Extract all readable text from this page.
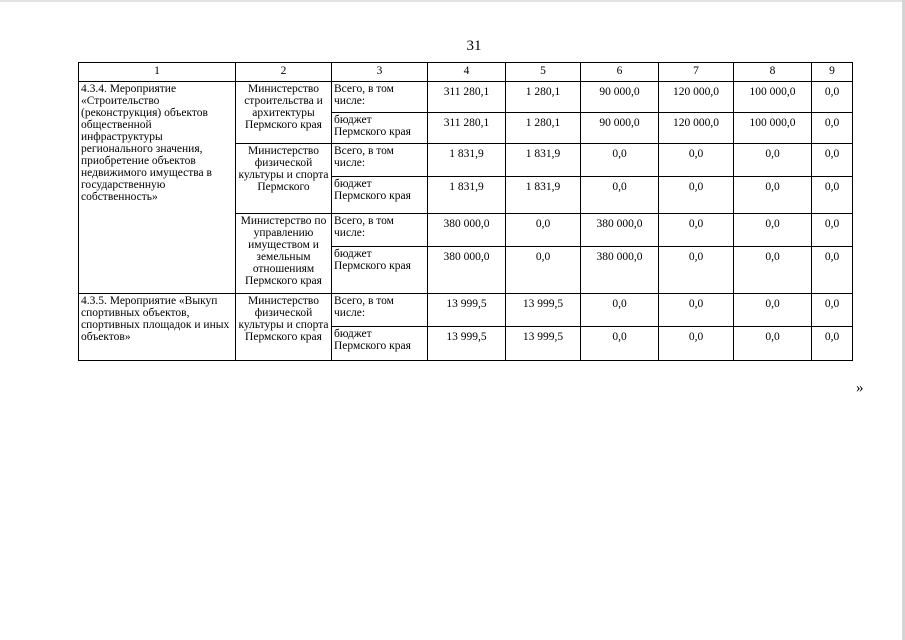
31
1	2	3	4	5	6	7	8	9
4.3.4. Мероприятие «Строительство (реконструкция) объектов общественной инфраструктуры регионального значения, приобретение объектов недвижимого имущества в государственную собственность»	Министерство строительства и архитектуры Пермского края	Всего, в том числе:	311 280,1	1 280,1	90 000,0	120 000,0	100 000,0	0,0
		бюджет Пермского края	311 280,1	1 280,1	90 000,0	120 000,0	100 000,0	0,0
	Министерство физической культуры и спорта Пермского	Всего, в том числе:	1 831,9	1 831,9	0,0	0,0	0,0	0,0
		бюджет Пермского края	1 831,9	1 831,9	0,0	0,0	0,0	0,0
	Министерство по управлению имуществом и земельным отношениям Пермского края	Всего, в том числе:	380 000,0	0,0	380 000,0	0,0	0,0	0,0
		бюджет Пермского края	380 000,0	0,0	380 000,0	0,0	0,0	0,0
4.3.5. Мероприятие «Выкуп спортивных объектов, спортивных площадок и иных объектов»	Министерство физической культуры и спорта Пермского края	Всего, в том числе:	13 999,5	13 999,5	0,0	0,0	0,0	0,0
		бюджет Пермского края	13 999,5	13 999,5	0,0	0,0	0,0	0,0
»
